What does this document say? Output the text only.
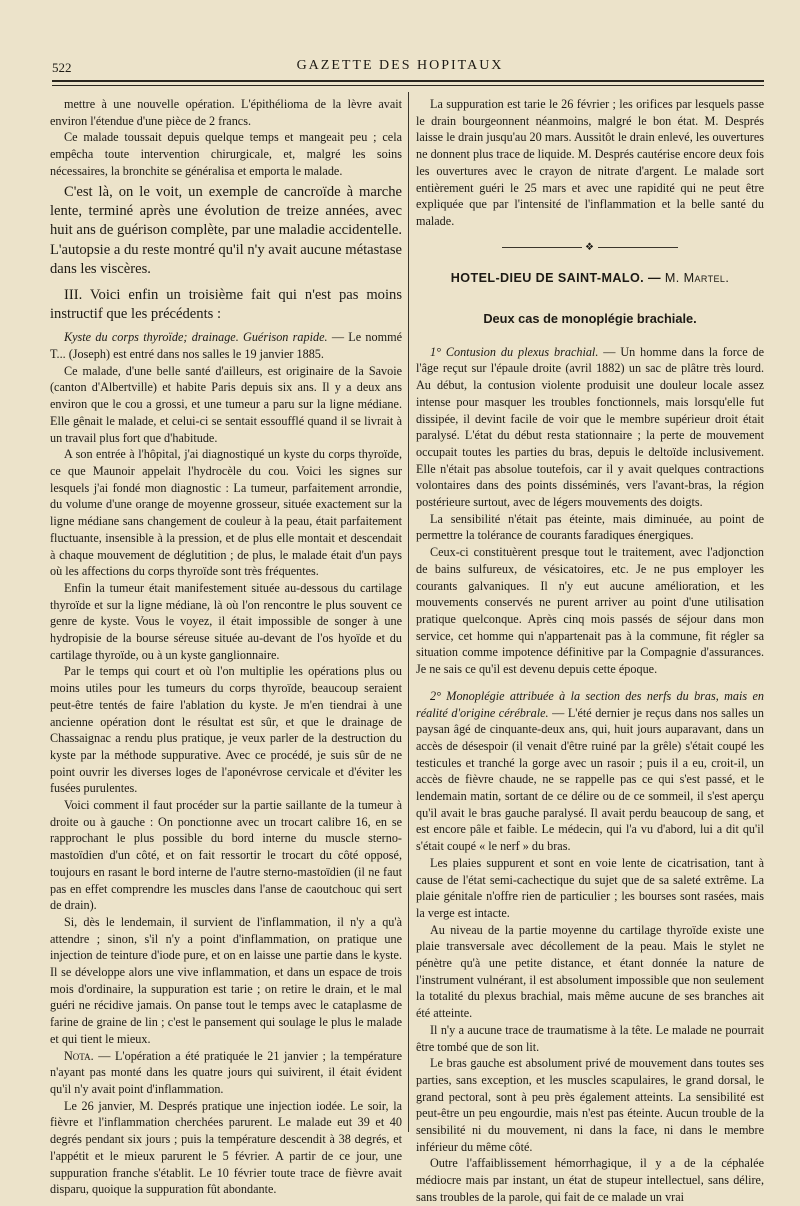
522	GAZETTE DES HOPITAUX

mettre à une nouvelle opération. L'épithélioma de la lèvre avait environ l'étendue d'une pièce de 2 francs.

Ce malade toussait depuis quelque temps et mangeait peu ; cela empêcha toute intervention chirurgicale, et, malgré les soins nécessaires, la bronchite se généralisa et emporta le malade.

C'est là, on le voit, un exemple de cancroïde à marche lente, terminé après une évolution de treize années, avec huit ans de guérison complète, par une maladie accidentelle. L'autopsie a du reste montré qu'il n'y avait aucune métastase dans les viscères.

III. Voici enfin un troisième fait qui n'est pas moins instructif que les précédents :

Kyste du corps thyroïde; drainage. Guérison rapide. — Le nommé T... (Joseph) est entré dans nos salles le 19 janvier 1885.

Ce malade, d'une belle santé d'ailleurs, est originaire de la Savoie (canton d'Albertville) et habite Paris depuis six ans. Il y a deux ans environ que le cou a grossi, et une tumeur a paru sur la ligne médiane. Elle gênait le malade, et celui-ci se sentait essoufflé quand il se livrait à un travail plus fort que d'habitude.

A son entrée à l'hôpital, j'ai diagnostiqué un kyste du corps thyroïde, ce que Maunoir appelait l'hydrocèle du cou. Voici les signes sur lesquels j'ai fondé mon diagnostic : La tumeur, parfaitement arrondie, du volume d'une orange de moyenne grosseur, située exactement sur la ligne médiane sans changement de couleur à la peau, était parfaitement fluctuante, insensible à la pression, et de plus elle montait et descendait à chaque mouvement de déglutition ; de plus, le malade était d'un pays où les affections du corps thyroïde sont très fréquentes.

Enfin la tumeur était manifestement située au-dessous du cartilage thyroïde et sur la ligne médiane, là où l'on rencontre le plus souvent ce genre de kyste. Vous le voyez, il était impossible de songer à une hydropisie de la bourse séreuse située au-devant de l'os hyoïde et du cartilage thyroïde, ou à un kyste ganglionnaire.

Par le temps qui court et où l'on multiplie les opérations plus ou moins utiles pour les tumeurs du corps thyroïde, beaucoup seraient peut-être tentés de faire l'ablation du kyste. Je m'en tiendrai à une ancienne opération dont le résultat est sûr, et que le drainage de Chassaignac a rendu plus pratique, je veux parler de la destruction du kyste par la méthode suppurative. Avec ce procédé, je suis sûr de ne point ouvrir les diverses loges de l'aponévrose cervicale et d'éviter les fusées purulentes.

Voici comment il faut procéder sur la partie saillante de la tumeur à droite ou à gauche : On ponctionne avec un trocart calibre 16, en se rapprochant le plus possible du bord interne du muscle sterno-mastoïdien d'un côté, et on fait ressortir le trocart du côté opposé, toujours en rasant le bord interne de l'autre sterno-mastoïdien (il ne faut pas en effet comprendre les muscles dans l'anse de caoutchouc qui sert de drain).

Si, dès le lendemain, il survient de l'inflammation, il n'y a qu'à attendre ; sinon, s'il n'y a point d'inflammation, on pratique une injection de teinture d'iode pure, et on en laisse une partie dans le kyste. Il se développe alors une vive inflammation, et dans un espace de trois mois d'ordinaire, la suppuration est tarie ; on retire le drain, et le mal guéri ne récidive jamais. On panse tout le temps avec le cataplasme de farine de graine de lin ; c'est le pansement qui soulage le plus le malade et qui tient le mieux.

Nota. — L'opération a été pratiquée le 21 janvier ; la température n'ayant pas monté dans les quatre jours qui suivirent, il était évident qu'il n'y avait point d'inflammation.

Le 26 janvier, M. Després pratique une injection iodée. Le soir, la fièvre et l'inflammation cherchées parurent. Le malade eut 39 et 40 degrés pendant six jours ; puis la température descendit à 38 degrés, et l'appétit et le mieux parurent le 5 février. A partir de ce jour, une suppuration franche s'établit. Le 10 février toute trace de fièvre avait disparu, quoique la suppuration fût abondante.

La suppuration est tarie le 26 février ; les orifices par lesquels passe le drain bourgeonnent néanmoins, malgré le bon état. M. Després laisse le drain jusqu'au 20 mars. Aussitôt le drain enlevé, les ouvertures ne donnent plus trace de liquide. M. Després cautérise encore deux fois les ouvertures avec le crayon de nitrate d'argent. Le malade sort entièrement guéri le 25 mars et avec une rapidité qui ne peut être expliquée que par l'intensité de l'inflammation et la belle santé du malade.

❖
HOTEL-DIEU DE SAINT-MALO. — M. Martel.
Deux cas de monoplégie brachiale.

1° Contusion du plexus brachial. — Un homme dans la force de l'âge reçut sur l'épaule droite (avril 1882) un sac de plâtre très lourd. Au début, la contusion violente produisit une douleur locale assez intense pour masquer les troubles fonctionnels, mais lorsqu'elle fut dissipée, il devint facile de voir que le membre supérieur droit était paralysé. L'état du début resta stationnaire ; la perte de mouvement occupait toutes les parties du bras, depuis le deltoïde inclusivement. Elle n'était pas absolue toutefois, car il y avait quelques contractions volontaires dans des points disséminés, vers l'avant-bras, la région postérieure surtout, avec de légers mouvements des doigts.

La sensibilité n'était pas éteinte, mais diminuée, au point de permettre la tolérance de courants faradiques énergiques.

Ceux-ci constituèrent presque tout le traitement, avec l'adjonction de bains sulfureux, de vésicatoires, etc. Je ne pus employer les courants galvaniques. Il n'y eut aucune amélioration, et les mouvements conservés ne purent arriver au point d'une utilisation pratique quelconque. Après cinq mois passés de séjour dans mon service, cet homme qui n'appartenait pas à la commune, fit régler sa situation comme impotence définitive par la Compagnie d'assurances. Je ne sais ce qu'il est devenu depuis cette époque.

2° Monoplégie attribuée à la section des nerfs du bras, mais en réalité d'origine cérébrale. — L'été dernier je reçus dans nos salles un paysan âgé de cinquante-deux ans, qui, huit jours auparavant, dans un accès de désespoir (il venait d'être ruiné par la grêle) s'était coupé les testicules et tranché la gorge avec un rasoir ; puis il a eu, croit-il, un accès de fièvre chaude, ne se rappelle pas ce qui s'est passé, et le lendemain matin, sortant de ce délire ou de ce sommeil, il s'est aperçu qu'il avait le bras gauche paralysé. Il avait perdu beaucoup de sang, et est encore pâle et faible. Le médecin, qui l'a vu d'abord, lui a dit qu'il s'était coupé « le nerf » du bras.

Les plaies suppurent et sont en voie lente de cicatrisation, tant à cause de l'état semi-cachectique du sujet que de sa saleté extrême. La plaie génitale n'offre rien de particulier ; les bourses sont rasées, mais la verge est intacte.

Au niveau de la partie moyenne du cartilage thyroïde existe une plaie transversale avec décollement de la peau. Mais le stylet ne pénètre qu'à une petite distance, et étant donnée la nature de l'instrument vulnérant, il est absolument impossible que non seulement la totalité du plexus brachial, mais même aucune de ses branches ait été atteinte.

Il n'y a aucune trace de traumatisme à la tête. Le malade ne pourrait être tombé que de son lit.

Le bras gauche est absolument privé de mouvement dans toutes ses parties, sans exception, et les muscles scapulaires, le grand dorsal, le grand pectoral, sont à peu près également atteints. La sensibilité est peut-être un peu engourdie, mais n'est pas éteinte. Aucun trouble de la sensibilité ni du mouvement, ni dans la face, ni dans le membre inférieur du même côté.

Outre l'affaiblissement hémorrhagique, il y a de la céphalée médiocre mais par instant, un état de stupeur intellectuel, sans délire, sans troubles de la parole, qui fait de ce malade un vrai
